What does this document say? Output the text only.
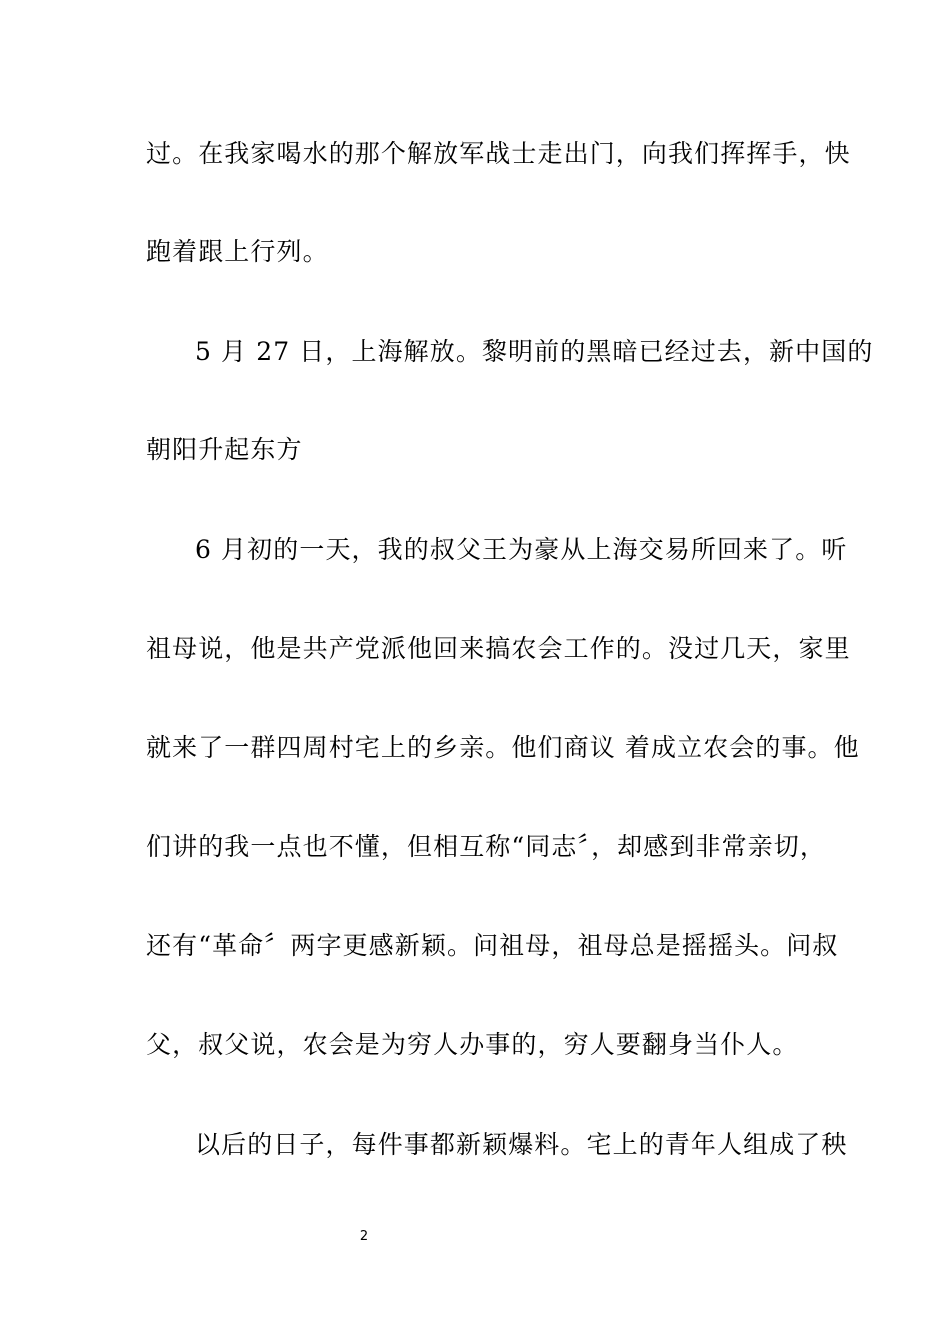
过。在我家喝水的那个解放军战士走出门，向我们挥挥手，快
跑着跟上行列。
5 月 27 日，上海解放。黎明前的黑暗已经过去，新中国的
朝阳升起东方
6 月初的一天，我的叔父王为豪从上海交易所回来了。听
祖母说，他是共产党派他回来搞农会工作的。没过几天，家里
就来了一群四周村宅上的乡亲。他们商议 着成立农会的事。他
们讲的我一点也不懂，但相互称“同志〞，却感到非常亲切，
还有“革命〞两字更感新颖。问祖母，祖母总是摇摇头。问叔
父，叔父说，农会是为穷人办事的，穷人要翻身当仆人。
以后的日子，每件事都新颖爆料。宅上的青年人组成了秧
2
